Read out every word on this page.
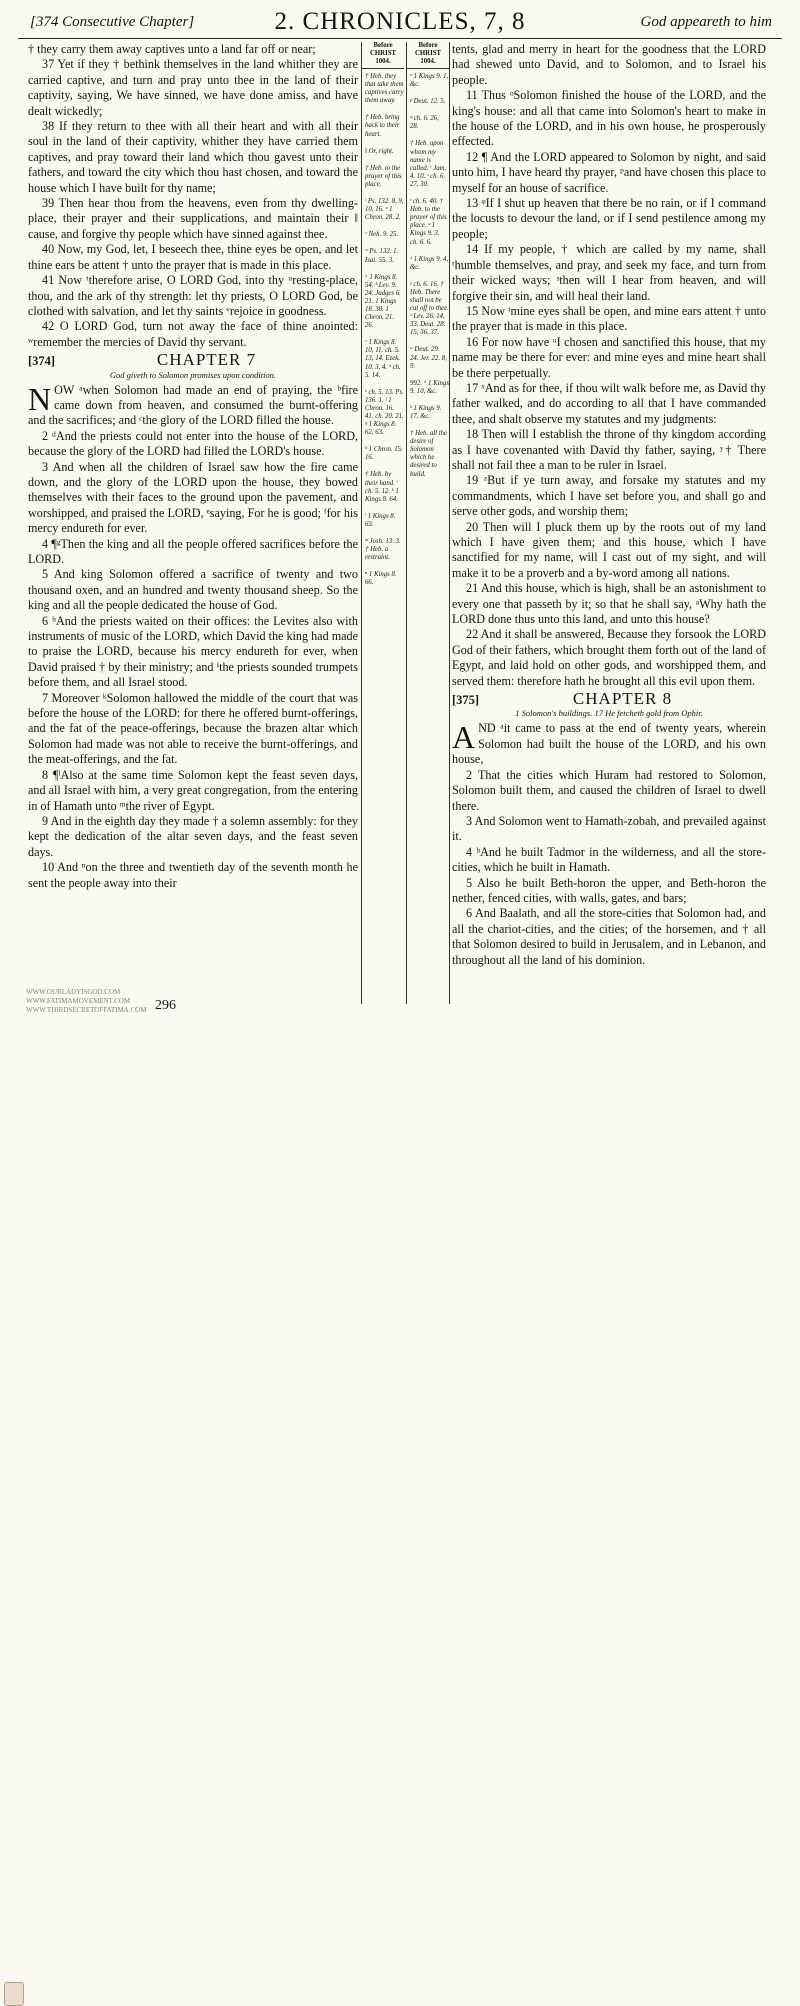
[374 Consecutive Chapter]	2. CHRONICLES, 7, 8	God appeareth to him

† they carry them away captives unto a land far off or near;

37 Yet if they † bethink themselves in the land whither they are carried captive, and turn and pray unto thee in the land of their captivity, saying, We have sinned, we have done amiss, and have dealt wickedly;

38 If they return to thee with all their heart and with all their soul in the land of their captivity, whither they have carried them captives, and pray toward their land which thou gavest unto their fathers, and toward the city which thou hast chosen, and toward the house which I have built for thy name;

39 Then hear thou from the heavens, even from thy dwelling-place, their prayer and their supplications, and maintain their ‖ cause, and forgive thy people which have sinned against thee.

40 Now, my God, let, I beseech thee, thine eyes be open, and let thine ears be attent † unto the prayer that is made in this place.

41 Now ᵗtherefore arise, O LORD God, into thy ᵘresting-place, thou, and the ark of thy strength: let thy priests, O LORD God, be clothed with salvation, and let thy saints ᵛrejoice in goodness.

42 O LORD God, turn not away the face of thine anointed: ʷremember the mercies of David thy servant.

[374]	CHAPTER 7
God giveth to Solomon promises upon condition.

NOW ᵃwhen Solomon had made an end of praying, the ᵇfire came down from heaven, and consumed the burnt-offering and the sacrifices; and ᶜthe glory of the LORD filled the house.

2 ᵈAnd the priests could not enter into the house of the LORD, because the glory of the LORD had filled the LORD's house.

3 And when all the children of Israel saw how the fire came down, and the glory of the LORD upon the house, they bowed themselves with their faces to the ground upon the pavement, and worshipped, and praised the LORD, ᵉsaying, For he is good; ᶠfor his mercy endureth for ever.

4 ¶ᵍThen the king and all the people offered sacrifices before the LORD.

5 And king Solomon offered a sacrifice of twenty and two thousand oxen, and an hundred and twenty thousand sheep. So the king and all the people dedicated the house of God.

6 ʰAnd the priests waited on their offices: the Levites also with instruments of music of the LORD, which David the king had made to praise the LORD, because his mercy endureth for ever, when David praised † by their ministry; and ⁱthe priests sounded trumpets before them, and all Israel stood.

7 Moreover ᵏSolomon hallowed the middle of the court that was before the house of the LORD: for there he offered burnt-offerings, and the fat of the peace-offerings, because the brazen altar which Solomon had made was not able to receive the burnt-offerings, and the meat-offerings, and the fat.

8 ¶ˡAlso at the same time Solomon kept the feast seven days, and all Israel with him, a very great congregation, from the entering in of Hamath unto ᵐthe river of Egypt.

9 And in the eighth day they made † a solemn assembly: for they kept the dedication of the altar seven days, and the feast seven days.

10 And ⁿon the three and twentieth day of the seventh month he sent the people away into their

Before CHRIST 1004.
† Heb. they that take them captives carry them away.
† Heb. bring back to their heart.
‖ Or, right.
† Heb. to the prayer of this place.
ᵗ Ps. 132. 8, 9, 10, 16. ᵘ 1 Chron. 28. 2.
ᵛ Neh. 9. 25.
ʷ Ps. 132. 1. Isai. 55. 3.
ᵃ 1 Kings 8. 54. ᵇ Lev. 9. 24. Judges 6. 21. 1 Kings 18. 38. 1 Chron. 21. 26.
ᶜ 1 Kings 8. 10, 11. ch. 5. 13, 14. Ezek. 10. 3, 4. ᵈ ch. 5. 14.
ᵉ ch. 5. 13. Ps. 136. 1. ᶠ 1 Chron. 16. 41. ch. 20. 21. ᵍ 1 Kings 8. 62, 63.
ʰ 1 Chron. 15. 16.
† Heb. by their hand. ⁱ ch. 5. 12. ᵏ 1 Kings 8. 64.
ˡ 1 Kings 8. 65.
ᵐ Josh. 13. 3. † Heb. a restraint.
ⁿ 1 Kings 8. 66.
Before CHRIST 1004.
ᵒ 1 Kings 9. 1, &c.
ᵖ Deut. 12. 5.
ᵠ ch. 6. 26, 28.
† Heb. upon whom my name is called. ʳ Jam. 4. 10. ˢ ch. 6. 27, 30.
ᵗ ch. 6. 40. † Heb. to the prayer of this place. ᵘ 1 Kings 9. 3. ch. 6. 6.
ˣ 1 Kings 9. 4, &c.
ʸ ch. 6. 16. † Heb. There shall not be cut off to thee. ᶻ Lev. 26. 14, 33. Deut. 28. 15, 36, 37.
ᵃ Deut. 29. 24. Jer. 22. 8, 9.
992. ᵃ 1 Kings 9. 10, &c.
ᵇ 1 Kings 9. 17, &c.
† Heb. all the desire of Solomon which he desired to build.

tents, glad and merry in heart for the goodness that the LORD had shewed unto David, and to Solomon, and to Israel his people.

11 Thus ᵒSolomon finished the house of the LORD, and the king's house: and all that came into Solomon's heart to make in the house of the LORD, and in his own house, he prosperously effected.

12 ¶ And the LORD appeared to Solomon by night, and said unto him, I have heard thy prayer, ᵖand have chosen this place to myself for an house of sacrifice.

13 ᵠIf I shut up heaven that there be no rain, or if I command the locusts to devour the land, or if I send pestilence among my people;

14 If my people, † which are called by my name, shall ʳhumble themselves, and pray, and seek my face, and turn from their wicked ways; ˢthen will I hear from heaven, and will forgive their sin, and will heal their land.

15 Now ᵗmine eyes shall be open, and mine ears attent † unto the prayer that is made in this place.

16 For now have ᵘI chosen and sanctified this house, that my name may be there for ever: and mine eyes and mine heart shall be there perpetually.

17 ˣAnd as for thee, if thou wilt walk before me, as David thy father walked, and do according to all that I have commanded thee, and shalt observe my statutes and my judgments:

18 Then will I establish the throne of thy kingdom according as I have covenanted with David thy father, saying, ʸ† There shall not fail thee a man to be ruler in Israel.

19 ᶻBut if ye turn away, and forsake my statutes and my commandments, which I have set before you, and shall go and serve other gods, and worship them;

20 Then will I pluck them up by the roots out of my land which I have given them; and this house, which I have sanctified for my name, will I cast out of my sight, and will make it to be a proverb and a by-word among all nations.

21 And this house, which is high, shall be an astonishment to every one that passeth by it; so that he shall say, ᵃWhy hath the LORD done thus unto this land, and unto this house?

22 And it shall be answered, Because they forsook the LORD God of their fathers, which brought them forth out of the land of Egypt, and laid hold on other gods, and worshipped them, and served them: therefore hath he brought all this evil upon them.

[375]	CHAPTER 8
1 Solomon's buildings. 17 He fetcheth gold from Ophir.

AND ᵃit came to pass at the end of twenty years, wherein Solomon had built the house of the LORD, and his own house,

2 That the cities which Huram had restored to Solomon, Solomon built them, and caused the children of Israel to dwell there.

3 And Solomon went to Hamath-zobah, and prevailed against it.

4 ᵇAnd he built Tadmor in the wilderness, and all the store-cities, which he built in Hamath.

5 Also he built Beth-horon the upper, and Beth-horon the nether, fenced cities, with walls, gates, and bars;

6 And Baalath, and all the store-cities that Solomon had, and all the chariot-cities, and the cities; of the horsemen, and † all that Solomon desired to build in Jerusalem, and in Lebanon, and throughout all the land of his dominion.

WWW.OURLADYISGOD.COM
WWW.FATIMAMOVEMENT.COM
WWW.THIRDSECRETOFFATIMA.COM 296
